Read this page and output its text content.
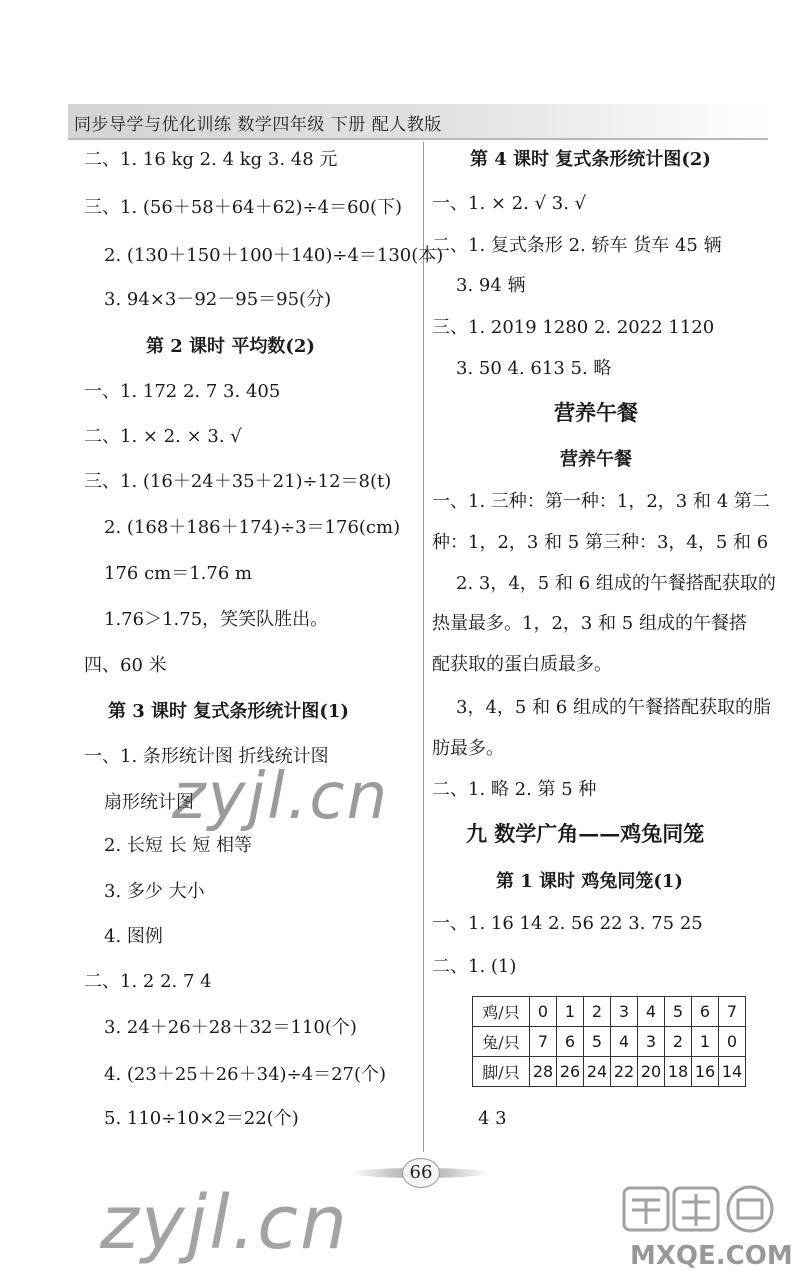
同步导学与优化训练 数学四年级 下册 配人教版
二、1. 16 kg 2. 4 kg 3. 48 元
三、1. (56＋58＋64＋62)÷4＝60(下)
2. (130＋150＋100＋140)÷4＝130(本)
3. 94×3－92－95＝95(分)
第 2 课时 平均数(2)
一、1. 172 2. 7 3. 405
二、1. × 2. × 3. √
三、1. (16＋24＋35＋21)÷12＝8(t)
2. (168＋186＋174)÷3＝176(cm)
176 cm＝1.76 m
1.76＞1.75，笑笑队胜出。
四、60 米
第 3 课时 复式条形统计图(1)
一、1. 条形统计图 折线统计图
扇形统计图
2. 长短 长 短 相等
3. 多少 大小
4. 图例
二、1. 2 2. 7 4
3. 24＋26＋28＋32＝110(个)
4. (23＋25＋26＋34)÷4＝27(个)
5. 110÷10×2＝22(个)
第 4 课时 复式条形统计图(2)
一、1. × 2. √ 3. √
二、1. 复式条形 2. 轿车 货车 45 辆
3. 94 辆
三、1. 2019 1280 2. 2022 1120
3. 50 4. 613 5. 略
营养午餐
营养午餐
一、1. 三种：第一种：1，2，3 和 4 第二
种：1，2，3 和 5 第三种：3，4，5 和 6
2. 3，4，5 和 6 组成的午餐搭配获取的
热量最多。1，2，3 和 5 组成的午餐搭
配获取的蛋白质最多。
3，4，5 和 6 组成的午餐搭配获取的脂
肪最多。
二、1. 略 2. 第 5 种
九 数学广角——鸡兔同笼
第 1 课时 鸡兔同笼(1)
一、1. 16 14 2. 56 22 3. 75 25
二、1. (1)
鸡/只	0	1	2	3	4	5	6	7
兔/只	7	6	5	4	3	2	1	0
脚/只	28	26	24	22	20	18	16	14
4 3
66
zyjl.cn
zyjl.cn	MXQE.COM
